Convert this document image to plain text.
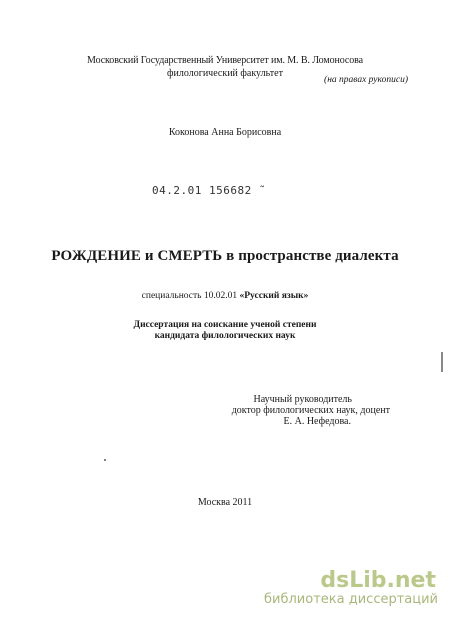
Московский Государственный Университет им. М. В. Ломоносова
филологический факультет
(на правах рукописи)
Коконова Анна Борисовна
04.2.01 156682 ˜
РОЖДЕНИЕ и СМЕРТЬ в пространстве диалекта
специальность 10.02.01 «Русский язык»
Диссертация на соискание ученой степени
кандидата филологических наук
Научный руководитель
доктор филологических наук, доцент
Е. А. Нефедова.
Москва 2011
dsLib.net
библиотека диссертаций
